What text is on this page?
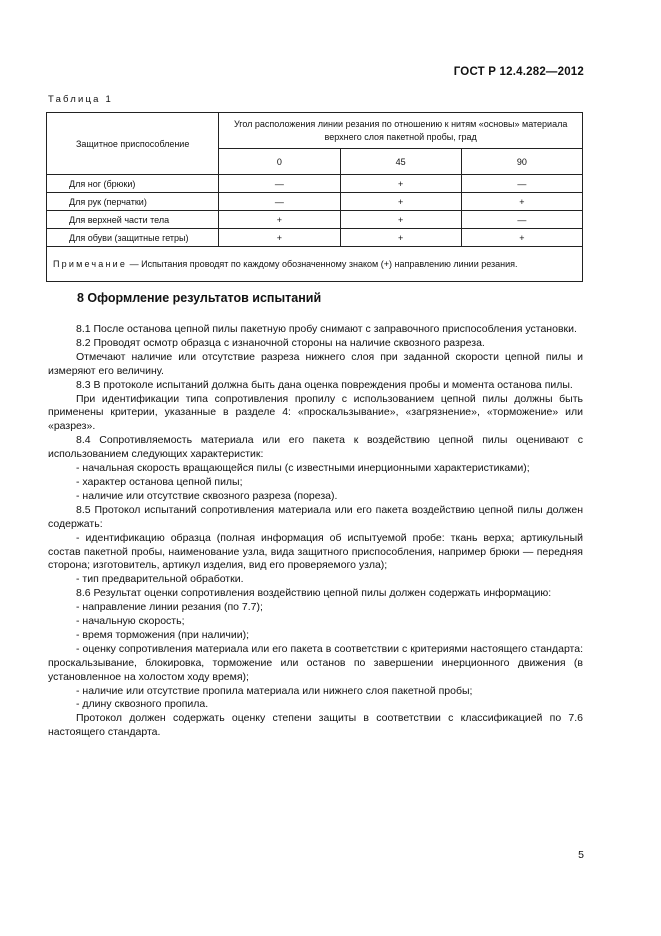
ГОСТ Р 12.4.282—2012
Таблица 1
Защитное приспособление	Угол расположения линии резания по отношению к нитям «основы» материала верхнего слоя пакетной пробы, град		
	0	45	90
Для ног (брюки)	—	+	—
Для рук (перчатки)	—	+	+
Для верхней части тела	+	+	—
Для обуви (защитные гетры)	+	+	+
Примечание — Испытания проводят по каждому обозначенному знаком (+) направлению линии резания.			
8 Оформление результатов испытаний

8.1 После останова цепной пилы пакетную пробу снимают с заправочного приспособления установки.

8.2 Проводят осмотр образца с изнаночной стороны на наличие сквозного разреза.

Отмечают наличие или отсутствие разреза нижнего слоя при заданной скорости цепной пилы и измеряют его величину.

8.3 В протоколе испытаний должна быть дана оценка повреждения пробы и момента останова пилы.

При идентификации типа сопротивления пропилу с использованием цепной пилы должны быть применены критерии, указанные в разделе 4: «проскальзывание», «загрязнение», «торможение» или «разрез».

8.4 Сопротивляемость материала или его пакета к воздействию цепной пилы оценивают с использованием следующих характеристик:

- начальная скорость вращающейся пилы (с известными инерционными характеристиками);

- характер останова цепной пилы;

- наличие или отсутствие сквозного разреза (пореза).

8.5 Протокол испытаний сопротивления материала или его пакета воздействию цепной пилы должен содержать:

- идентификацию образца (полная информация об испытуемой пробе: ткань верха; артикульный состав пакетной пробы, наименование узла, вида защитного приспособления, например брюки — передняя сторона; изготовитель, артикул изделия, вид его проверяемого узла);

- тип предварительной обработки.

8.6 Результат оценки сопротивления воздействию цепной пилы должен содержать информацию:

- направление линии резания (по 7.7);

- начальную скорость;

- время торможения (при наличии);

- оценку сопротивления материала или его пакета в соответствии с критериями настоящего стандарта: проскальзывание, блокировка, торможение или останов по завершении инерционного движения (в установленное на холостом ходу время);

- наличие или отсутствие пропила материала или нижнего слоя пакетной пробы;

- длину сквозного пропила.

Протокол должен содержать оценку степени защиты в соответствии с классификацией по 7.6 настоящего стандарта.

5
